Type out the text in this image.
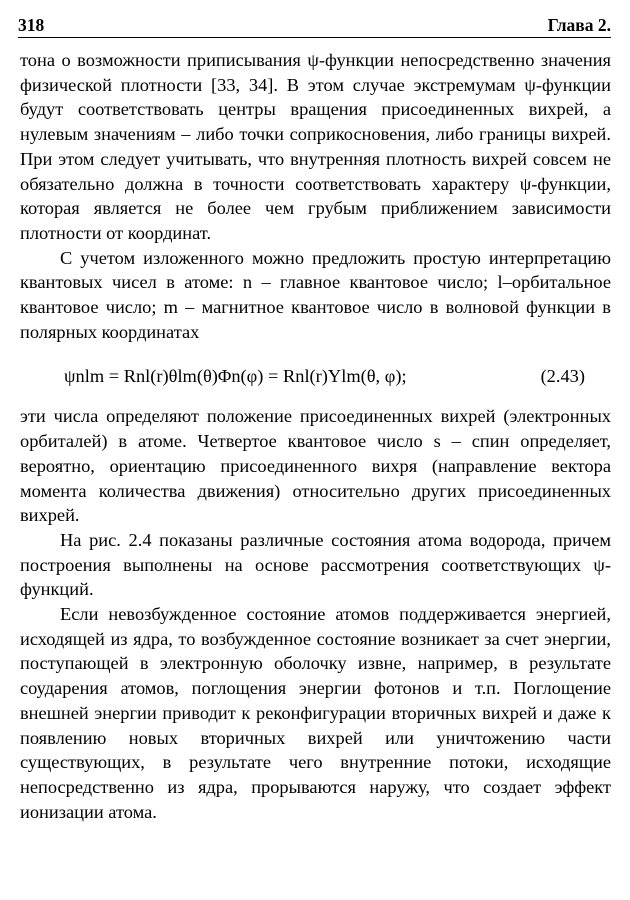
318	Глава 2.

тона о возможности приписывания ψ-функции непосредственно значения физической плотности [33, 34]. В этом случае экстремумам ψ-функции будут соответствовать центры вращения присоединенных вихрей, а нулевым значениям – либо точки соприкосновения, либо границы вихрей. При этом следует учитывать, что внутренняя плотность вихрей совсем не обязательно должна в точности соответствовать характеру ψ-функции, которая является не более чем грубым приближением зависимости плотности от координат.

С учетом изложенного можно предложить простую интерпретацию квантовых чисел в атоме: n – главное квантовое число; l–орбитальное квантовое число; m – магнитное квантовое число в волновой функции в полярных координатах

ψnlm = Rnl(r)θlm(θ)Φn(φ) = Rnl(r)Ylm(θ, φ);	(2.43)

эти числа определяют положение присоединенных вихрей (электронных орбиталей) в атоме. Четвертое квантовое число s – спин определяет, вероятно, ориентацию присоединенного вихря (направление вектора момента количества движения) относительно других присоединенных вихрей.

На рис. 2.4 показаны различные состояния атома водорода, причем построения выполнены на основе рассмотрения соответствующих ψ-функций.

Если невозбужденное состояние атомов поддерживается энергией, исходящей из ядра, то возбужденное состояние возникает за счет энергии, поступающей в электронную оболочку извне, например, в результате соударения атомов, поглощения энергии фотонов и т.п. Поглощение внешней энергии приводит к реконфигурации вторичных вихрей и даже к появлению новых вторичных вихрей или уничтожению части существующих, в результате чего внутренние потоки, исходящие непосредственно из ядра, прорываются наружу, что создает эффект ионизации атома.
